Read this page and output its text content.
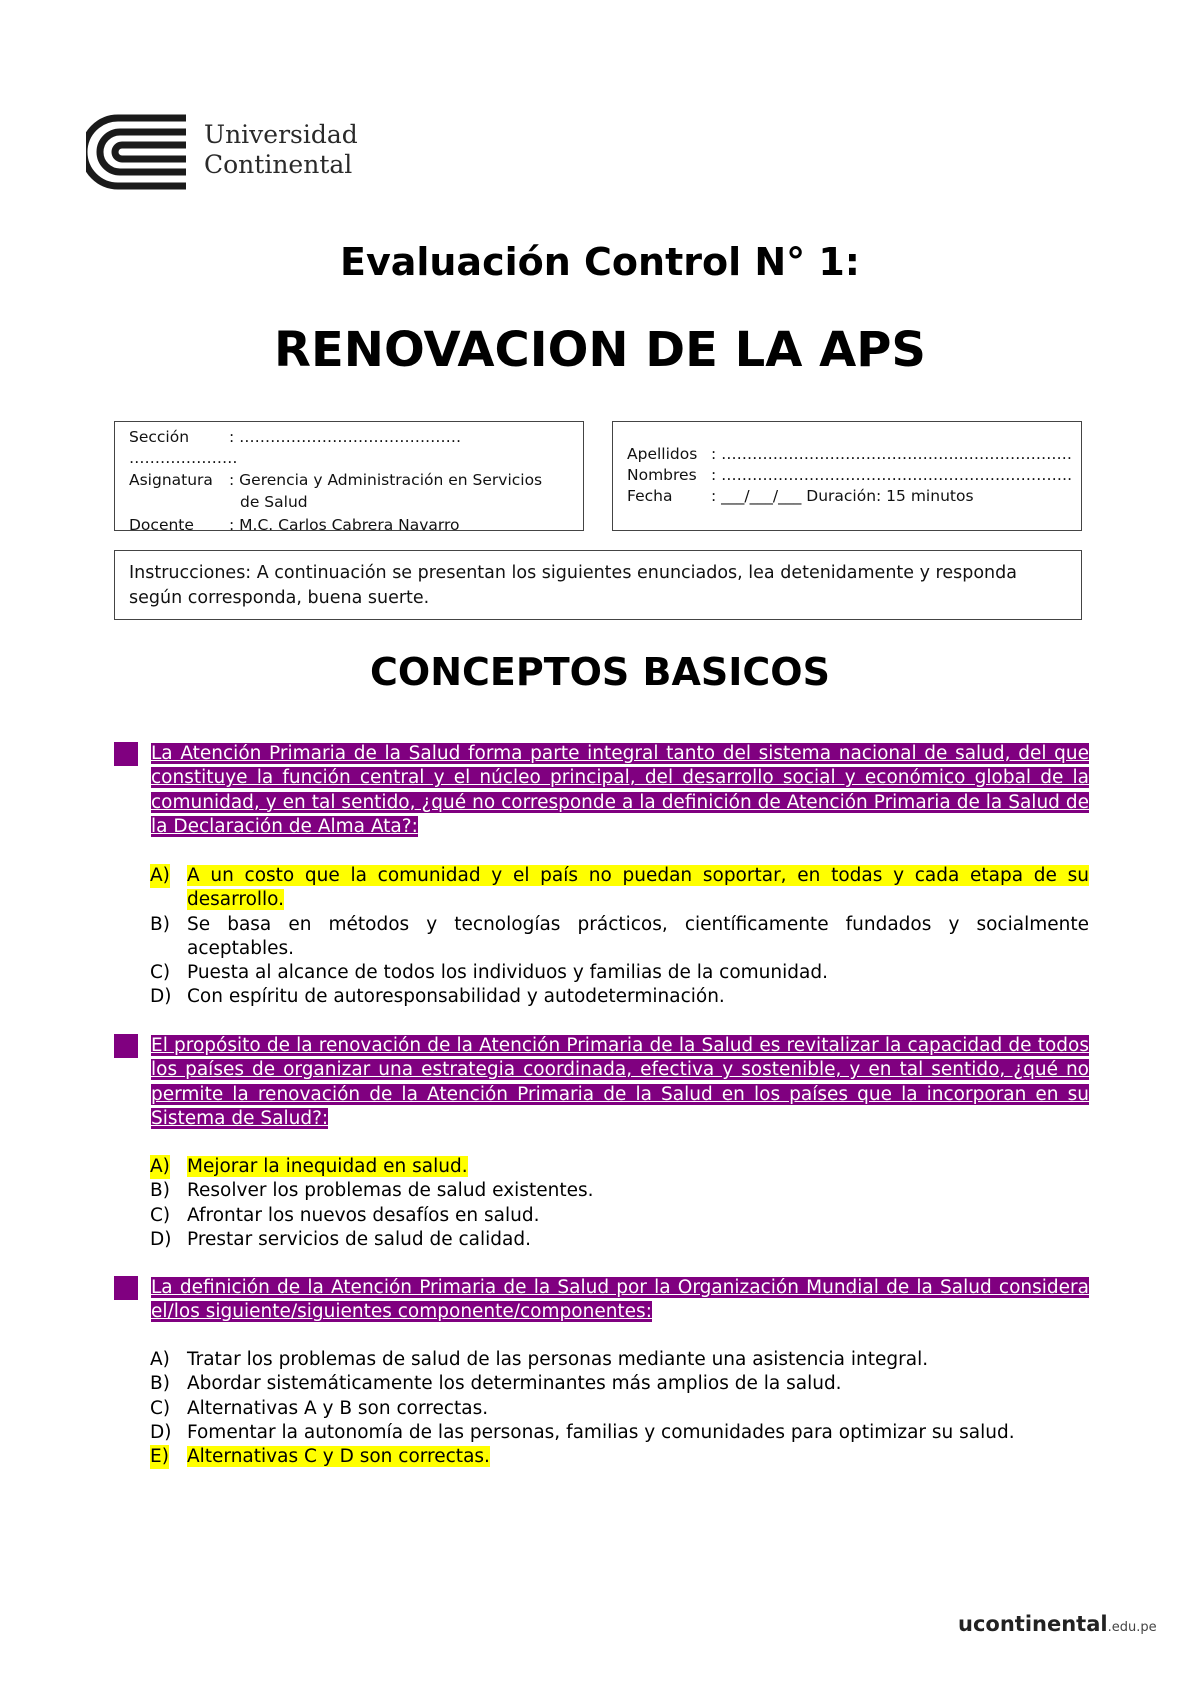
Universidad
Continental
Evaluación Control N° 1:
RENOVACION DE LA APS
Sección	: ……………………………….……
…………………
Asignatura : Gerencia y Administración en Servicios
de Salud
Docente : M.C. Carlos Cabrera Navarro
Apellidos : ………………………………………..…………………
Nombres : ……………………………………………….………….
Fecha : ___/___/___ Duración: 15 minutos
Instrucciones: A continuación se presentan los siguientes enunciados, lea detenidamente y responda según corresponda, buena suerte.
CONCEPTOS BASICOS
1. La Atención Primaria de la Salud forma parte integral tanto del sistema nacional de salud, del que constituye la función central y el núcleo principal, del desarrollo social y económico global de la comunidad, y en tal sentido, ¿qué no corresponde a la definición de Atención Primaria de la Salud de la Declaración de Alma Ata?:
A) A un costo que la comunidad y el país no puedan soportar, en todas y cada etapa de su desarrollo.
B) Se basa en métodos y tecnologías prácticos, científicamente fundados y socialmente aceptables.
C) Puesta al alcance de todos los individuos y familias de la comunidad.
D) Con espíritu de autoresponsabilidad y autodeterminación.
2. El propósito de la renovación de la Atención Primaria de la Salud es revitalizar la capacidad de todos los países de organizar una estrategia coordinada, efectiva y sostenible, y en tal sentido, ¿qué no permite la renovación de la Atención Primaria de la Salud en los países que la incorporan en su Sistema de Salud?:
A) Mejorar la inequidad en salud.
B) Resolver los problemas de salud existentes.
C) Afrontar los nuevos desafíos en salud.
D) Prestar servicios de salud de calidad.
3. La definición de la Atención Primaria de la Salud por la Organización Mundial de la Salud considera el/los siguiente/siguientes componente/componentes:
A) Tratar los problemas de salud de las personas mediante una asistencia integral.
B) Abordar sistemáticamente los determinantes más amplios de la salud.
C) Alternativas A y B son correctas.
D) Fomentar la autonomía de las personas, familias y comunidades para optimizar su salud.
E) Alternativas C y D son correctas.
ucontinental.edu.pe
